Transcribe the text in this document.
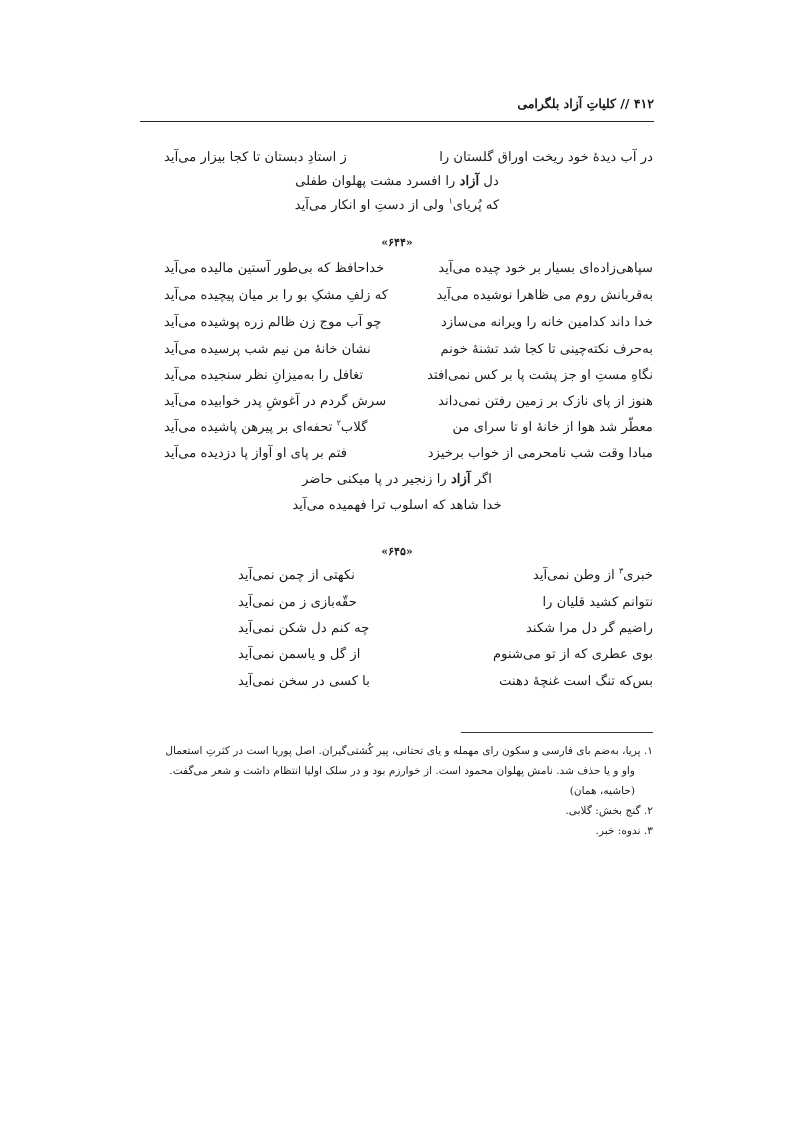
۴۱۲ // کلیاتِ آزاد بلگرامی
در آب دیدهٔ خود ریخت اوراق گلستان را
ز استادِ دبستان تا کجا بیزار می‌آید
دل آزاد را افسرد مشت پهلوان طفلی
که پُریای$^۱$ ولی از دستِ او انکار می‌آید
«۶۴۴»
سپاهی‌زاده‌ای بسیار بر خود چیده می‌آید
خداحافظ که بی‌طور آستین مالیده می‌آید
به‌قربانش روم می ظاهرا نوشیده می‌آید
که زلفِ مشکِ بو را بر میان پیچیده می‌آید
خدا داند کدامین خانه را ویرانه می‌سازد
چو آب موج زن ظالم زره پوشیده می‌آید
به‌حرف نکته‌چینی تا کجا شد تشنهٔ خونم
نشان خانهٔ من نیم شب پرسیده می‌آید
نگاهِ مستِ او جز پشت پا بر کس نمی‌افتد
تغافل را به‌میزانِ نظر سنجیده می‌آید
هنوز از پای نازک بر زمین رفتن نمی‌داند
سرش گردم در آغوشِ پدر خوابیده می‌آید
معطّر شد هوا از خانهٔ او تا سرای من
گلاب$^۲$ تحفه‌ای بر پیرهن پاشیده می‌آید
مبادا وقت شب نامحرمی از خواب برخیزد
فتم بر پای او آواز پا دزدیده می‌آید
اگر آزاد را زنجیر در پا میکنی حاضر
خدا شاهد که اسلوب ترا فهمیده می‌آید
«۶۴۵»
خبری$^۳$ از وطن نمی‌آید
نکهتی از چمن نمی‌آید
نتوانم کشید قلیان را
حقّه‌بازی ز من نمی‌آید
راضیم گر دل مرا شکند
چه کنم دل شکن نمی‌آید
بوی عطری که از تو می‌شنوم
از گل و یاسمن نمی‌آید
بس‌که تنگ است غنچهٔ دهنت
با کسی در سخن نمی‌آید
۱. پریا، به‌ضم بای فارسی و سکون رای مهمله و یای تحتانی، پیر کُشتی‌گیران. اصل پوریا است در کثرتِ استعمال
واو و یا حذف شد. نامش پهلوان محمود است. از خوارزم بود و در سلک اولیا انتظام داشت و شعر می‌گفت.
(حاشیه، همان)
۲. گنج بخش: گلابی.
۳. ندوه: خبر.
